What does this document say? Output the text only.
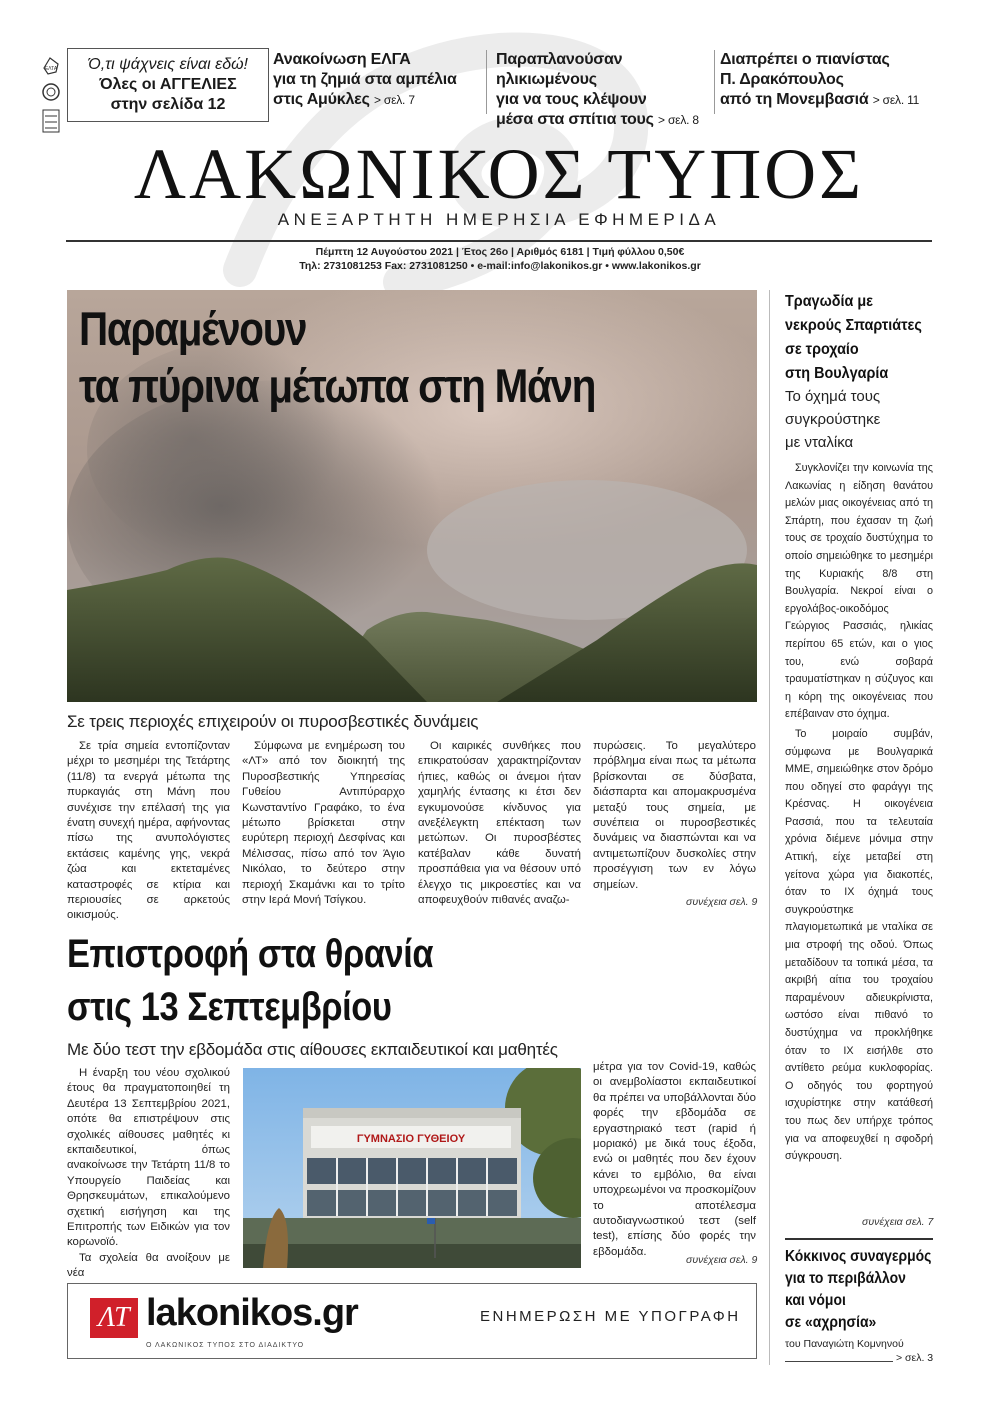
ΕΛΤΑ	Ό,τι ψάχνεις είναι εδώ!
Όλες οι ΑΓΓΕΛΙΕΣ
στην σελίδα 12
Ανακοίνωση ΕΛΓΑ
για τη ζημιά στα αμπέλια
στις Αμύκλες > σελ. 7
Παραπλανούσαν ηλικιωμένους
για να τους κλέψουν
μέσα στα σπίτια τους > σελ. 8
Διαπρέπει ο πιανίστας
Π. Δρακόπουλος
από τη Μονεμβασιά > σελ. 11
ΛΑΚΩΝΙΚΟΣ ΤΥΠΟΣ
ΑΝΕΞΑΡΤΗΤΗ ΗΜΕΡΗΣΙΑ ΕΦΗΜΕΡΙΔΑ
Πέμπτη 12 Αυγούστου 2021 | Έτος 26ο | Αριθμός 6181 | Τιμή φύλλου 0,50€
Τηλ: 2731081253 Fax: 2731081250 • e-mail:info@lakonikos.gr • www.lakonikos.gr
Παραμένουν
τα πύρινα μέτωπα στη Μάνη
Σε τρεις περιοχές επιχειρούν οι πυροσβεστικές δυνάμεις

Σε τρία σημεία εντοπίζονταν μέχρι το μεσημέρι της Τετάρτης (11/8) τα ενεργά μέτωπα της πυρκαγιάς στη Μάνη που συνέχισε την επέλασή της για ένατη συνεχή ημέρα, αφήνοντας πίσω της ανυπολόγιστες εκτάσεις καμένης γης, νεκρά ζώα και εκτεταμένες καταστροφές σε κτίρια και περιουσίες σε αρκετούς οικισμούς.

Σύμφωνα με ενημέρωση του «ΛΤ» από τον διοικητή της Πυροσβεστικής Υπηρεσίας Γυθείου Αντιπύραρχο Κωνσταντίνο Γραφάκο, το ένα μέτωπο βρίσκεται στην ευρύτερη περιοχή Δεσφίνας και Μέλισσας, πίσω από τον Άγιο Νικόλαο, το δεύτερο στην περιοχή Σκαμάνκι και το τρίτο στην Ιερά Μονή Τσίγκου.

Οι καιρικές συνθήκες που επικρατούσαν χαρακτηρίζονταν ήπιες, καθώς οι άνεμοι ήταν χαμηλής έντασης κι έτσι δεν εγκυμονούσε κίνδυνος για ανεξέλεγκτη επέκταση των μετώπων. Οι πυροσβέστες κατέβαλαν κάθε δυνατή προσπάθεια για να θέσουν υπό έλεγχο τις μικροεστίες και να αποφευχθούν πιθανές αναζω-

πυρώσεις. Το μεγαλύτερο πρόβλημα είναι πως τα μέτωπα βρίσκονται σε δύσβατα, διάσπαρτα και απομακρυσμένα μεταξύ τους σημεία, με συνέπεια οι πυροσβεστικές δυνάμεις να διασπώνται και να αντιμετωπίζουν δυσκολίες στην προσέγγιση των εν λόγω σημείων.

συνέχεια σελ. 9
Επιστροφή στα θρανία
στις 13 Σεπτεμβρίου
Με δύο τεστ την εβδομάδα στις αίθουσες εκπαιδευτικοί και μαθητές

Η έναρξη του νέου σχολικού έτους θα πραγματοποιηθεί τη Δευτέρα 13 Σεπτεμβρίου 2021, οπότε θα επιστρέψουν στις σχολικές αίθουσες μαθητές κι εκπαιδευτικοί, όπως ανακοίνωσε την Τετάρτη 11/8 το Υπουργείο Παιδείας και Θρησκευμάτων, επικαλούμενο σχετική εισήγηση και της Επιτροπής των Ειδικών για τον κορωνοϊό.

Τα σχολεία θα ανοίξουν με νέα

ΓΥΜΝΑΣΙΟ ΓΥΘΕΙΟΥ

μέτρα για τον Covid-19, καθώς οι ανεμβολίαστοι εκπαιδευτικοί θα πρέπει να υποβάλλονται δύο φορές την εβδομάδα σε εργαστηριακό τεστ (rapid ή μοριακό) με δικά τους έξοδα, ενώ οι μαθητές που δεν έχουν κάνει το εμβόλιο, θα είναι υποχρεωμένοι να προσκομίζουν το αποτέλεσμα αυτοδιαγνωστικού τεστ (self test), επίσης δύο φορές την εβδομάδα.

συνέχεια σελ. 9
Τραγωδία με
νεκρούς Σπαρτιάτες
σε τροχαίο
στη Βουλγαρία
Το όχημά τους
συγκρούστηκε
με νταλίκα

Συγκλονίζει την κοινωνία της Λακωνίας η είδηση θανάτου μελών μιας οικογένειας από τη Σπάρτη, που έχασαν τη ζωή τους σε τροχαίο δυστύχημα το οποίο σημειώθηκε το μεσημέρι της Κυριακής 8/8 στη Βουλγαρία. Νεκροί είναι ο εργολάβος-οικοδόμος Γεώργιος Ρασσιάς, ηλικίας περίπου 65 ετών, και ο γιος του, ενώ σοβαρά τραυματίστηκαν η σύζυγος και η κόρη της οικογένειας που επέβαιναν στο όχημα.

Το μοιραίο συμβάν, σύμφωνα με Βουλγαρικά ΜΜΕ, σημειώθηκε στον δρόμο που οδηγεί στο φαράγγι της Κρέσνας. Η οικογένεια Ρασσιά, που τα τελευταία χρόνια διέμενε μόνιμα στην Αττική, είχε μεταβεί στη γείτονα χώρα για διακοπές, όταν το ΙΧ όχημά τους συγκρούστηκε πλαγιομετωπικά με νταλίκα σε μια στροφή της οδού. Όπως μεταδίδουν τα τοπικά μέσα, τα ακριβή αίτια του τροχαίου παραμένουν αδιευκρίνιστα, ωστόσο είναι πιθανό το δυστύχημα να προκλήθηκε όταν το ΙΧ εισήλθε στο αντίθετο ρεύμα κυκλοφορίας. Ο οδηγός του φορτηγού ισχυρίστηκε στην κατάθεσή του πως δεν υπήρχε τρόπος για να αποφευχθεί η σφοδρή σύγκρουση.

συνέχεια σελ. 7
Κόκκινος συναγερμός
για το περιβάλλον
και νόμοι
σε «αχρησία»
του Παναγιώτη Κομνηνού
> σελ. 3
ΛΤ lakonikos.gr
Ο ΛΑΚΩΝΙΚΟΣ ΤΥΠΟΣ ΣΤΟ ΔΙΑΔΙΚΤΥΟ
ΕΝΗΜΕΡΩΣΗ ΜΕ ΥΠΟΓΡΑΦΗ
